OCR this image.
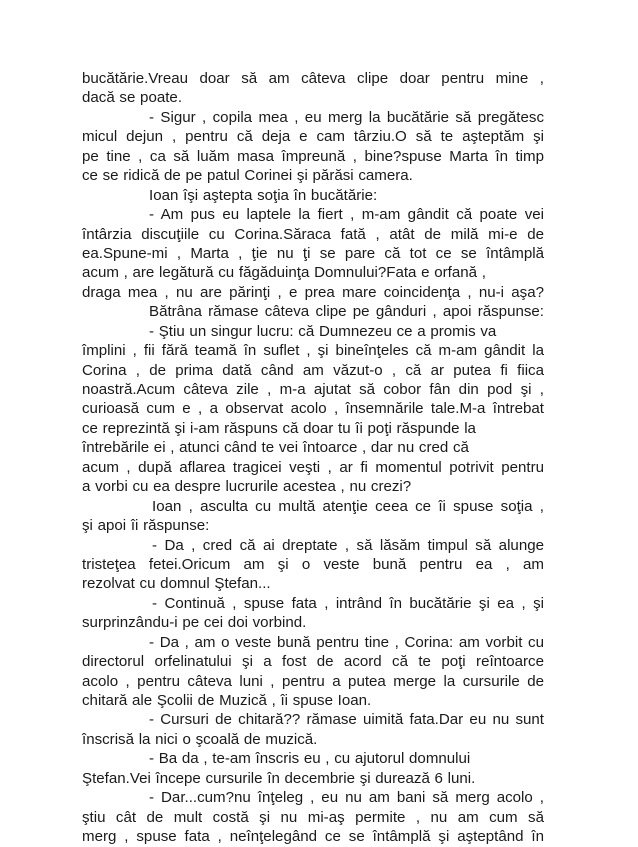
bucătărie.Vreau doar să am câteva clipe doar pentru mine ,
dacă se poate.
- Sigur , copila mea , eu merg la bucătărie să pregătesc
micul dejun , pentru că deja e cam târziu.O să te aşteptăm şi
pe tine , ca să luăm masa împreună , bine?spuse Marta în timp
ce se ridică de pe patul Corinei şi părăsi camera.
Ioan îşi aştepta soţia în bucătărie:
- Am pus eu laptele la fiert , m-am gândit că poate vei
întârzia discuţiile cu Corina.Săraca fată , atât de milă mi-e de
ea.Spune-mi , Marta , ţie nu ţi se pare că tot ce se întâmplă
acum , are legătură cu făgăduinţa Domnului?Fata e orfană ,
draga mea , nu are părinţi , e prea mare coincidenţa , nu-i aşa?
Bătrâna rămase câteva clipe pe gânduri , apoi răspunse:
- Ştiu un singur lucru: că Dumnezeu ce a promis va
împlini , fii fără teamă în suflet , şi bineînţeles că m-am gândit la
Corina , de prima dată când am văzut-o , că ar putea fi fiica
noastră.Acum câteva zile , m-a ajutat să cobor fân din pod şi ,
curioasă cum e , a observat acolo , însemnările tale.M-a întrebat
ce reprezintă şi i-am răspuns că doar tu îi poţi răspunde la
întrebările ei , atunci când te vei întoarce , dar nu cred că
acum , după aflarea tragicei veşti , ar fi momentul potrivit pentru
a vorbi cu ea despre lucrurile acestea , nu crezi?
Ioan , asculta cu multă atenţie ceea ce îi spuse soţia ,
şi apoi îi răspunse:
- Da , cred că ai dreptate , să lăsăm timpul să alunge
tristeţea fetei.Oricum am şi o veste bună pentru ea , am
rezolvat cu domnul Ştefan...
- Continuă , spuse fata , intrând în bucătărie şi ea , şi
surprinzându-i pe cei doi vorbind.
- Da , am o veste bună pentru tine , Corina: am vorbit cu
directorul orfelinatului şi a fost de acord că te poţi reîntoarce
acolo , pentru câteva luni , pentru a putea merge la cursurile de
chitară ale Şcolii de Muzică , îi spuse Ioan.
- Cursuri de chitară?? rămase uimită fata.Dar eu nu sunt
înscrisă la nici o şcoală de muzică.
- Ba da , te-am înscris eu , cu ajutorul domnului
Ştefan.Vei începe cursurile în decembrie şi durează 6 luni.
- Dar...cum?nu înţeleg , eu nu am bani să merg acolo ,
ştiu cât de mult costă şi nu mi-aş permite , nu am cum să
merg , spuse fata , neînţelegând ce se întâmplă şi aşteptând în
